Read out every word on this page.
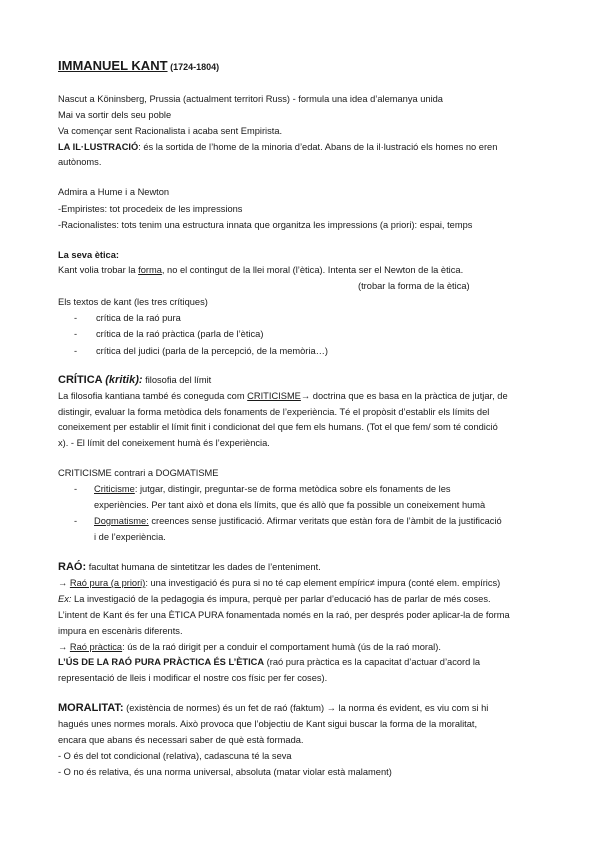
IMMANUEL KANT (1724-1804)
Nascut a Köninsberg, Prussia (actualment territori Russ) - formula una idea d’alemanya unida
Mai va sortir dels seu poble
Va començar sent Racionalista i acaba sent Empirista.
LA IL·LUSTRACIÓ: és la sortida de l’home de la minoria d’edat. Abans de la il·lustració els homes no eren
autònoms.
Admira a Hume i a Newton
-Empiristes: tot procedeix de les impressions
-Racionalistes: tots tenim una estructura innata que organitza les impressions (a priori): espai, temps
La seva ètica:
Kant volia trobar la forma, no el contingut de la llei moral (l’ètica). Intenta ser el Newton de la ètica.
(trobar la forma de la ètica)
Els textos de kant (les tres crítiques)
- crítica de la raó pura
- crítica de la raó pràctica (parla de l’ètica)
- crítica del judici (parla de la percepció, de la memòria…)
CRÍTICA (kritik): filosofia del límit
La filosofia kantiana també és coneguda com CRITICISME→ doctrina que es basa en la pràctica de jutjar, de
distingir, evaluar la forma metòdica dels fonaments de l’experiència. Té el propòsit d’establir els límits del
coneixement per establir el límit finit i condicionat del que fem els humans. (Tot el que fem/ som té condició
x). - El límit del coneixement humà és l’experiència.
CRITICISME contrari a DOGMATISME
- Criticisme: jutgar, distingir, preguntar-se de forma metòdica sobre els fonaments de les
experiències. Per tant això et dona els límits, que és allò que fa possible un coneixement humà
- Dogmatisme: creences sense justificació. Afirmar veritats que estàn fora de l’àmbit de la justificació
i de l’experiència.
RAÓ: facultat humana de sintetitzar les dades de l’enteniment.
→ Raó pura (a priori): una investigació és pura si no té cap element empíric≠ impura (conté elem. empírics)
Ex: La investigació de la pedagogia és impura, perquè per parlar d’educació has de parlar de més coses.
L’intent de Kant és fer una ÈTICA PURA fonamentada només en la raó, per després poder aplicar-la de forma
impura en escenàris diferents.
→ Raó pràctica: ús de la raó dirigit per a conduir el comportament humà (ús de la raó moral).
L’ÚS DE LA RAÓ PURA PRÀCTICA ÉS L’ÈTICA (raó pura pràctica es la capacitat d’actuar d’acord la
representació de lleis i modificar el nostre cos físic per fer coses).
MORALITAT: (existència de normes) és un fet de raó (faktum) → la norma és evident, es viu com si hi
hagués unes normes morals. Això provoca que l’objectiu de Kant sigui buscar la forma de la moralitat,
encara que abans és necessari saber de què està formada.
- O és del tot condicional (relativa), cadascuna té la seva
- O no és relativa, és una norma universal, absoluta (matar violar està malament)
